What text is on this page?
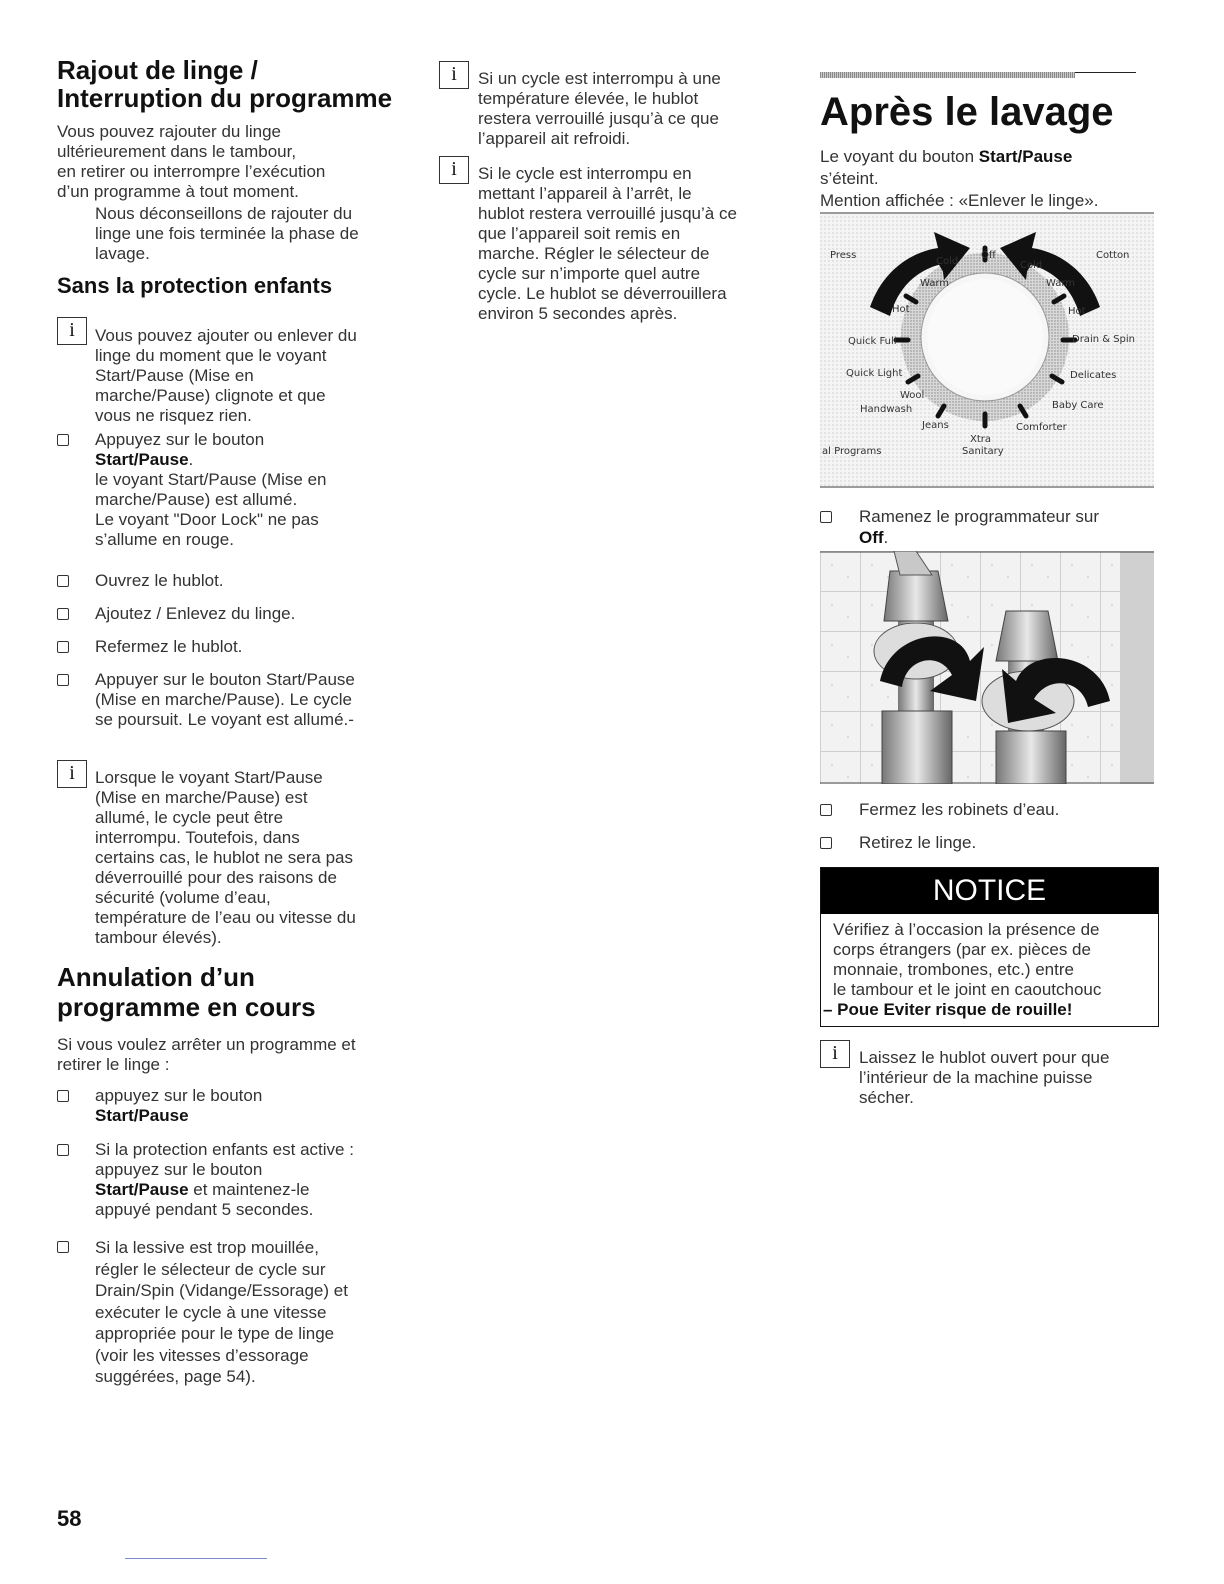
Rajout de linge /
Interruption du programme
Vous pouvez rajouter du linge
ultérieurement dans le tambour,
en retirer ou interrompre l’exécution
d’un programme à tout moment.
Nous déconseillons de rajouter du
linge une fois terminée la phase de
lavage.
Sans la protection enfants
i	Vous pouvez ajouter ou enlever du
linge du moment que le voyant
Start/Pause (Mise en
marche/Pause) clignote et que
vous ne risquez rien.
Appuyez sur le bouton
Start/Pause.
le voyant Start/Pause (Mise en
marche/Pause) est allumé.
Le voyant "Door Lock" ne pas
s’allume en rouge.
Ouvrez le hublot.
Ajoutez / Enlevez du linge.
Refermez le hublot.
Appuyer sur le bouton Start/Pause
(Mise en marche/Pause). Le cycle
se poursuit. Le voyant est allumé.-
i	Lorsque le voyant Start/Pause
(Mise en marche/Pause) est
allumé, le cycle peut être
interrompu. Toutefois, dans
certains cas, le hublot ne sera pas
déverrouillé pour des raisons de
sécurité (volume d’eau,
température de l’eau ou vitesse du
tambour élevés).
Annulation d’un
programme en cours
Si vous voulez arrêter un programme et
retirer le linge :
appuyez sur le bouton
Start/Pause
Si la protection enfants est active :
appuyez sur le bouton
Start/Pause et maintenez-le
appuyé pendant 5 secondes.
Si la lessive est trop mouillée,
régler le sélecteur de cycle sur
Drain/Spin (Vidange/Essorage) et
exécuter le cycle à une vitesse
appropriée pour le type de linge
(voir les vitesses d’essorage
suggérées, page 54).
58
i	Si un cycle est interrompu à une
température élevée, le hublot
restera verrouillé jusqu’à ce que
l’appareil ait refroidi.
i	Si le cycle est interrompu en
mettant l’appareil à l’arrêt, le
hublot restera verrouillé jusqu’à ce
que l’appareil soit remis en
marche. Régler le sélecteur de
cycle sur n’importe quel autre
cycle. Le hublot se déverrouillera
environ 5 secondes après.
Après le lavage
Le voyant du bouton Start/Pause
s’éteint.
Mention affichée : «Enlever le linge».
Press
Cold
Off
Cold
Cotton
Warm	Warm
Hot	Hot
Quick Full	Drain & Spin
Quick Light	Delicates
Wool
Handwash	Baby Care
Jeans	Comforter
Xtra
Sanitary
al Programs
Ramenez le programmateur sur
Off.
Fermez les robinets d’eau.
Retirez le linge.
NOTICE
Vérifiez à l’occasion la présence de
corps étrangers (par ex. pièces de
monnaie, trombones, etc.) entre
le tambour et le joint en caoutchouc
– Poue Eviter risque de rouille!
i	Laissez le hublot ouvert pour que
l’intérieur de la machine puisse
sécher.
